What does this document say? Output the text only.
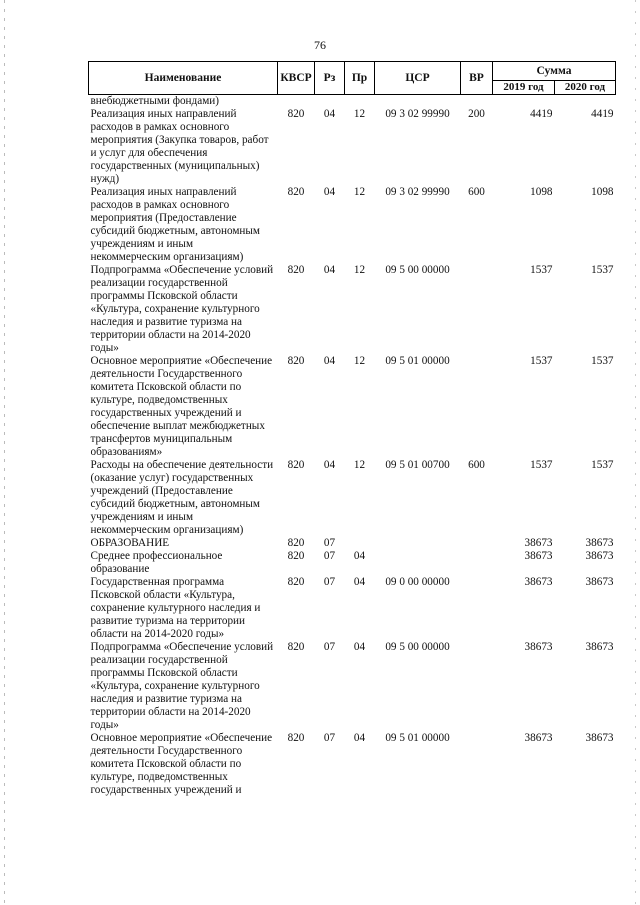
76
Наименование	КВСР	Рз	Пр	ЦСР	ВР	Сумма	
						2019 год	2020 год
внебюджетными фондами)							
Реализация иных направлений расходов в рамках основного мероприятия (Закупка товаров, работ и услуг для обеспечения государственных (муниципальных) нужд)	820	04	12	09 3 02 99990	200	4419	4419
Реализация иных направлений расходов в рамках основного мероприятия (Предоставление субсидий бюджетным, автономным учреждениям и иным некоммерческим организациям)	820	04	12	09 3 02 99990	600	1098	1098
Подпрограмма «Обеспечение условий реализации государственной программы Псковской области «Культура, сохранение культурного наследия и развитие туризма на территории области на 2014-2020 годы»	820	04	12	09 5 00 00000		1537	1537
Основное мероприятие «Обеспечение деятельности Государственного комитета Псковской области по культуре, подведомственных государственных учреждений и обеспечение выплат межбюджетных трансфертов муниципальным образованиям»	820	04	12	09 5 01 00000		1537	1537
Расходы на обеспечение деятельности (оказание услуг) государственных учреждений (Предоставление субсидий бюджетным, автономным учреждениям и иным некоммерческим организациям)	820	04	12	09 5 01 00700	600	1537	1537
ОБРАЗОВАНИЕ	820	07				38673	38673
Среднее профессиональное образование	820	07	04			38673	38673
Государственная программа Псковской области «Культура, сохранение культурного наследия и развитие туризма на территории области на 2014-2020 годы»	820	07	04	09 0 00 00000		38673	38673
Подпрограмма «Обеспечение условий реализации государственной программы Псковской области «Культура, сохранение культурного наследия и развитие туризма на территории области на 2014-2020 годы»	820	07	04	09 5 00 00000		38673	38673
Основное мероприятие «Обеспечение деятельности Государственного комитета Псковской области по культуре, подведомственных государственных учреждений и	820	07	04	09 5 01 00000		38673	38673
